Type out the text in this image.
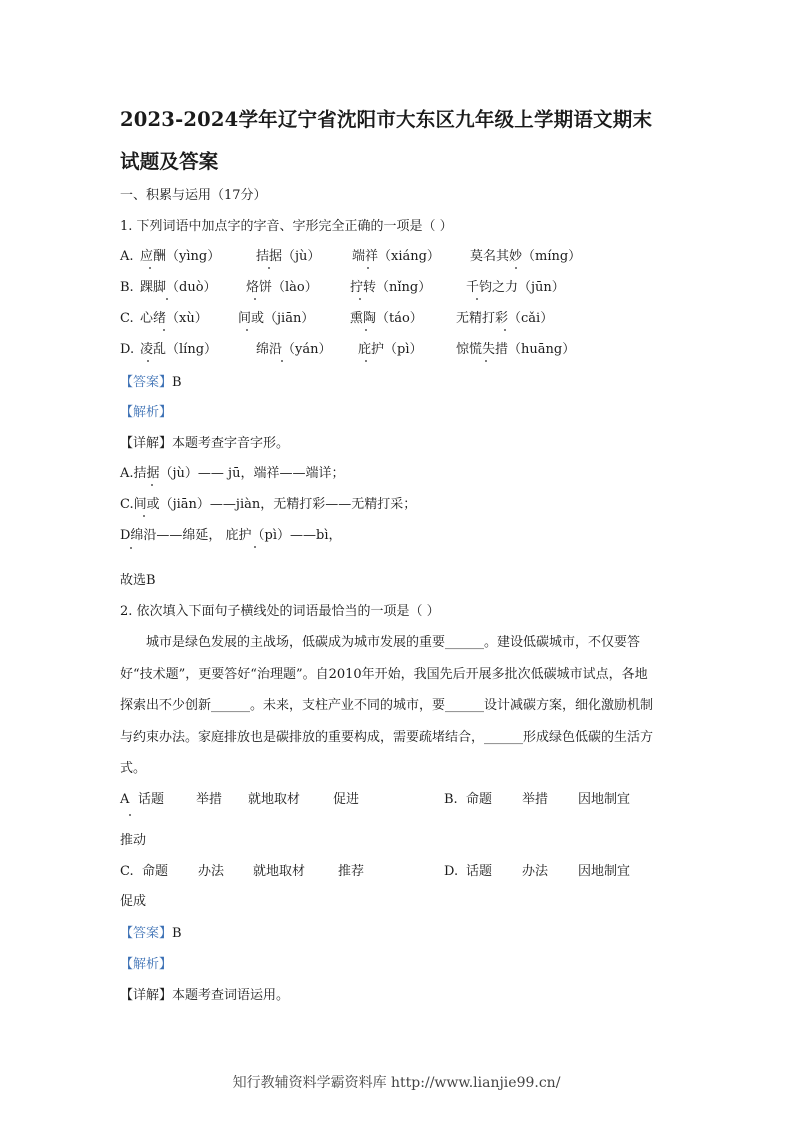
2023-2024学年辽宁省沈阳市大东区九年级上学期语文期末
试题及答案
一、积累与运用（17分）
1. 下列词语中加点字的字音、字形完全正确的一项是（ ）
A. 应酬（yìng）	拮据（jù） 端祥（xiáng） 莫名其妙（míng）
B. 踝脚（duò） 烙饼（lào） 拧转（nǐng）	千钧之力（jūn）
C. 心绪（xù） 间或（jiān）	熏陶（táo）	无精打彩（cǎi）
D. 凌乱（líng）	绵沿（yán） 庇护（pì）	惊慌失措（huāng）
【答案】B
【解析】
【详解】本题考查字音字形。
A.拮据（jù）—— jū，端祥——端详；
C.间或（jiān）——jiàn，无精打彩——无精打采；
D绵沿——绵延， 庇护（pì）——bì，
故选B
2. 依次填入下面句子横线处的词语最恰当的一项是（ ）
城市是绿色发展的主战场，低碳成为城市发展的重要______。建设低碳城市，不仅要答好“技术题”，更要答好“治理题”。自2010年开始，我国先后开展多批次低碳城市试点，各地探索出不少创新______。未来，支柱产业不同的城市，要______设计减碳方案，细化激励机制与约束办法。家庭排放也是碳排放的重要构成，需要疏堵结合，______形成绿色低碳的生活方式。
A 话题 举措 就地取材	促进	B. 命题 举措 因地制宜
推动
C. 命题 办法 就地取材	推荐	D. 话题 办法 因地制宜
促成
【答案】B
【解析】
【详解】本题考查词语运用。
知行教辅资料学霸资料库 http://www.lianjie99.cn/
